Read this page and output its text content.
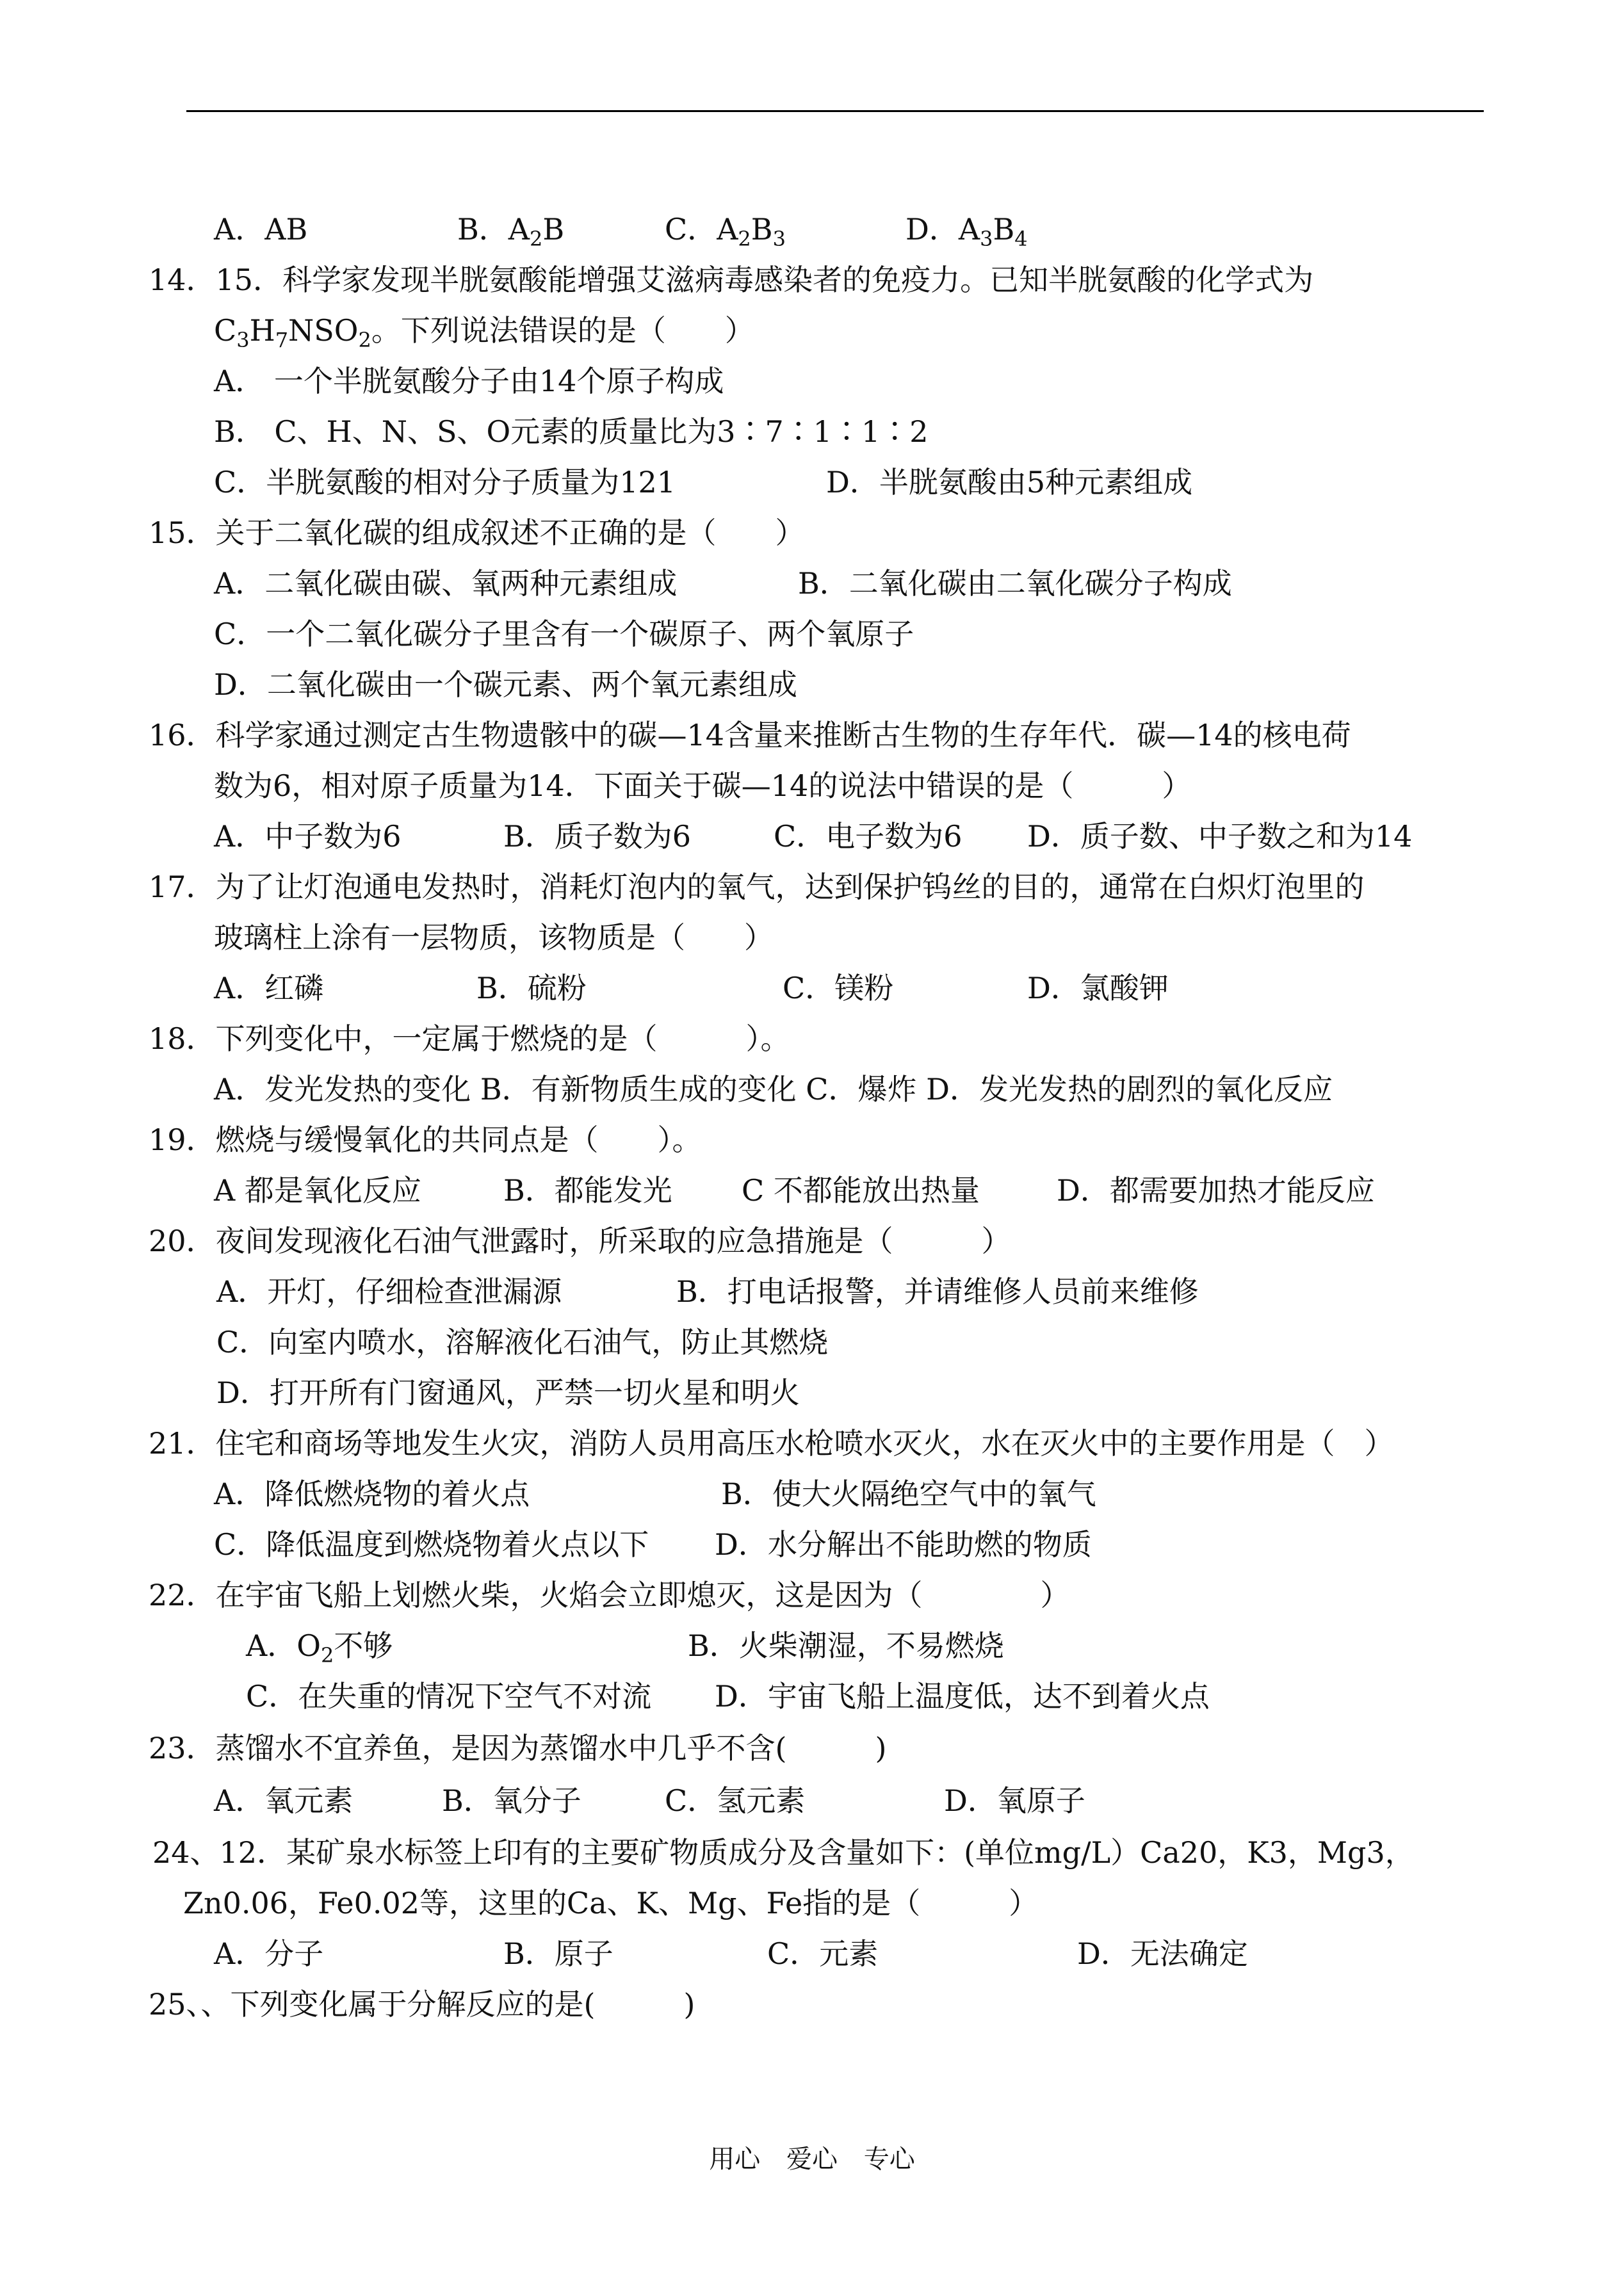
A．AB	B．$A_2B$	C．$A_2B_3$	D．$A_3B_4$
14．15．科学家发现半胱氨酸能增强艾滋病毒感染者的免疫力。已知半胱氨酸的化学式为
$C_3H_7NSO_2$。下列说法错误的是（　　）
A． 一个半胱氨酸分子由14个原子构成
B． C、H、N、S、O元素的质量比为3∶7∶1∶1∶2
C．半胱氨酸的相对分子质量为121	D．半胱氨酸由5种元素组成
15．关于二氧化碳的组成叙述不正确的是（　　）
A．二氧化碳由碳、氧两种元素组成	B．二氧化碳由二氧化碳分子构成
C．一个二氧化碳分子里含有一个碳原子、两个氧原子
D．二氧化碳由一个碳元素、两个氧元素组成
16．科学家通过测定古生物遗骸中的碳—14含量来推断古生物的生存年代．碳—14的核电荷
数为6，相对原子质量为14．下面关于碳—14的说法中错误的是（　　　）
A．中子数为6	B．质子数为6	C．电子数为6 D．质子数、中子数之和为14
17．为了让灯泡通电发热时，消耗灯泡内的氧气，达到保护钨丝的目的，通常在白炽灯泡里的
玻璃柱上涂有一层物质，该物质是（　　）
A．红磷	B．硫粉	C．镁粉	D．氯酸钾
18．下列变化中，一定属于燃烧的是（　　　）。
A．发光发热的变化 B．有新物质生成的变化 C．爆炸 D．发光发热的剧烈的氧化反应
19．燃烧与缓慢氧化的共同点是（　　）。
A 都是氧化反应	B．都能发光 C 不都能放出热量	D．都需要加热才能反应
20．夜间发现液化石油气泄露时，所采取的应急措施是（　　　）
A．开灯，仔细检查泄漏源	B．打电话报警，并请维修人员前来维修
C．向室内喷水，溶解液化石油气，防止其燃烧
D．打开所有门窗通风，严禁一切火星和明火
21．住宅和商场等地发生火灾，消防人员用高压水枪喷水灭火，水在灭火中的主要作用是（　）
A．降低燃烧物的着火点	B．使大火隔绝空气中的氧气
C．降低温度到燃烧物着火点以下 D．水分解出不能助燃的物质
22．在宇宙飞船上划燃火柴，火焰会立即熄灭，这是因为（　　　　）
A．$O_2$不够	B．火柴潮湿，不易燃烧
C．在失重的情况下空气不对流 D．宇宙飞船上温度低，达不到着火点
23．蒸馏水不宜养鱼，是因为蒸馏水中几乎不含(　　　)
A．氧元素	B．氧分子	C．氢元素	D．氧原子
24、12．某矿泉水标签上印有的主要矿物质成分及含量如下：(单位mg/L）Ca20，K3，Mg3，
Zn0.06，Fe0.02等，这里的Ca、K、Mg、Fe指的是（　　　）
A．分子	B．原子	C．元素	D．无法确定
25、、下列变化属于分解反应的是(　　　)
用心 爱心 专心
